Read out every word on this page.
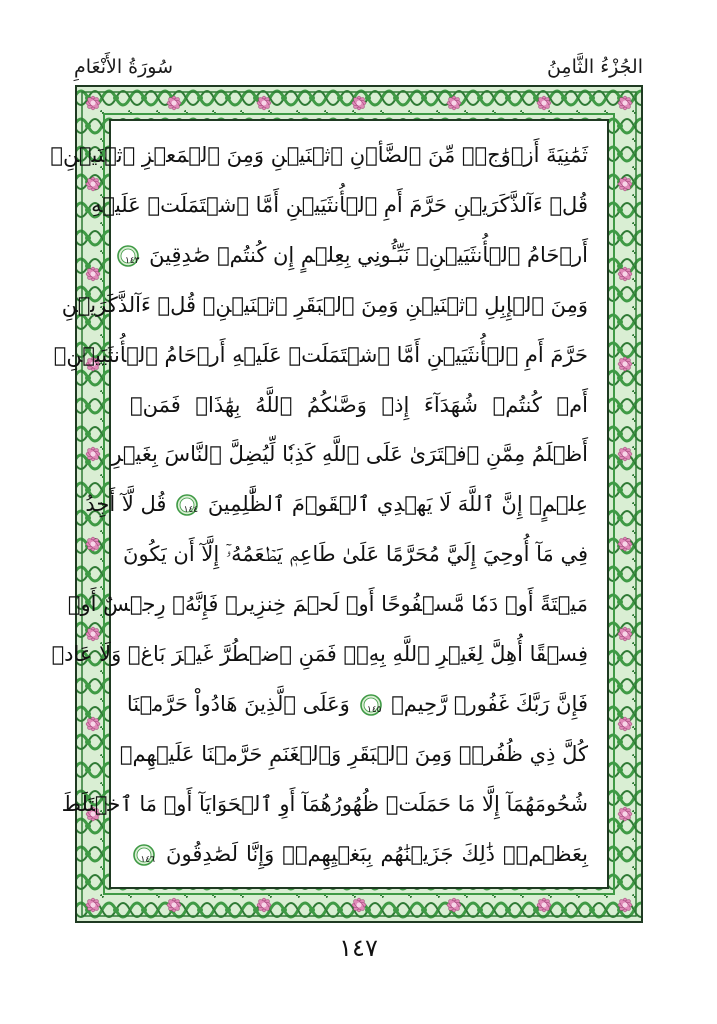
سُورَةُ الأَنْعَامِ	الجُزْءُ الثَّامِنُ
ثَمَٰنِيَةَ أَزۡوَٰجٖۖ مِّنَ ٱلضَّأۡنِ ٱثۡنَيۡنِ وَمِنَ ٱلۡمَعۡزِ ٱثۡنَيۡنِۗ
قُلۡ ءَآلذَّكَرَيۡنِ حَرَّمَ أَمِ ٱلۡأُنثَيَيۡنِ أَمَّا ٱشۡتَمَلَتۡ عَلَيۡهِ
أَرۡحَامُ ٱلۡأُنثَيَيۡنِۖ نَبِّـُٔونِي بِعِلۡمٍ إِن كُنتُمۡ صَٰدِقِينَ
١٤٣
وَمِنَ ٱلۡإِبِلِ ٱثۡنَيۡنِ وَمِنَ ٱلۡبَقَرِ ٱثۡنَيۡنِۗ قُلۡ ءَآلذَّكَرَيۡنِ
حَرَّمَ أَمِ ٱلۡأُنثَيَيۡنِ أَمَّا ٱشۡتَمَلَتۡ عَلَيۡهِ أَرۡحَامُ ٱلۡأُنثَيَيۡنِۖ
أَمۡ كُنتُمۡ شُهَدَآءَ إِذۡ وَصَّىٰكُمُ ٱللَّهُ بِهَٰذَاۚ فَمَنۡ
أَظۡلَمُ مِمَّنِ ٱفۡتَرَىٰ عَلَى ٱللَّهِ كَذِبٗا لِّيُضِلَّ ٱلنَّاسَ بِغَيۡرِ
عِلۡمٍۚ إِنَّ ٱللَّهَ لَا يَهۡدِي ٱلۡقَوۡمَ ٱلظَّٰلِمِينَ
١٤٤ قُل لَّآ أَجِدُ
فِي مَآ أُوحِيَ إِلَيَّ مُحَرَّمًا عَلَىٰ طَاعِمٖ يَطۡعَمُهُۥٓ إِلَّآ أَن يَكُونَ
مَيۡتَةً أَوۡ دَمٗا مَّسۡفُوحًا أَوۡ لَحۡمَ خِنزِيرٖ فَإِنَّهُۥ رِجۡسٌ أَوۡ
فِسۡقًا أُهِلَّ لِغَيۡرِ ٱللَّهِ بِهِۦۚ فَمَنِ ٱضۡطُرَّ غَيۡرَ بَاغٖ وَلَا عَادٖ
فَإِنَّ رَبَّكَ غَفُورٞ رَّحِيمٞ
١٤٥ وَعَلَى ٱلَّذِينَ هَادُواْ حَرَّمۡنَا
كُلَّ ذِي ظُفُرٖۖ وَمِنَ ٱلۡبَقَرِ وَٱلۡغَنَمِ حَرَّمۡنَا عَلَيۡهِمۡ
شُحُومَهُمَآ إِلَّا مَا حَمَلَتۡ ظُهُورُهُمَآ أَوِ ٱلۡحَوَايَآ أَوۡ مَا ٱخۡتَلَطَ
بِعَظۡمٖۚ ذَٰلِكَ جَزَيۡنَٰهُم بِبَغۡيِهِمۡۖ وَإِنَّا لَصَٰدِقُونَ
١٤٦
١٤٧
